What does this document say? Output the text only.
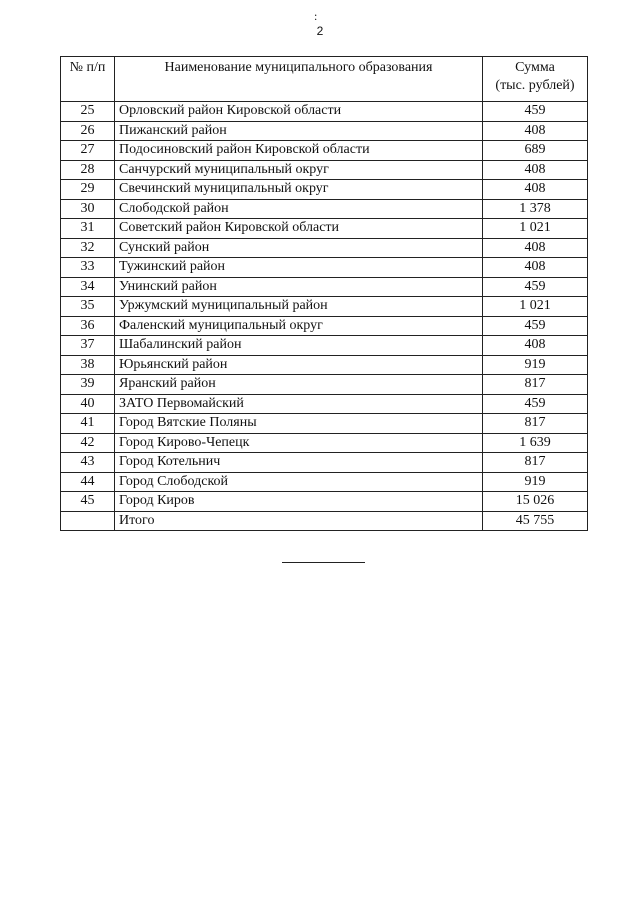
:
2
№ п/п	Наименование муниципального образования	Сумма
(тыс. рублей)
25	Орловский район Кировской области	459
26	Пижанский район	408
27	Подосиновский район Кировской области	689
28	Санчурский муниципальный округ	408
29	Свечинский муниципальный округ	408
30	Слободской район	1 378
31	Советский район Кировской области	1 021
32	Сунский район	408
33	Тужинский район	408
34	Унинский район	459
35	Уржумский муниципальный район	1 021
36	Фаленский муниципальный округ	459
37	Шабалинский район	408
38	Юрьянский район	919
39	Яранский район	817
40	ЗАТО Первомайский	459
41	Город Вятские Поляны	817
42	Город Кирово-Чепецк	1 639
43	Город Котельнич	817
44	Город Слободской	919
45	Город Киров	15 026
	Итого	45 755
